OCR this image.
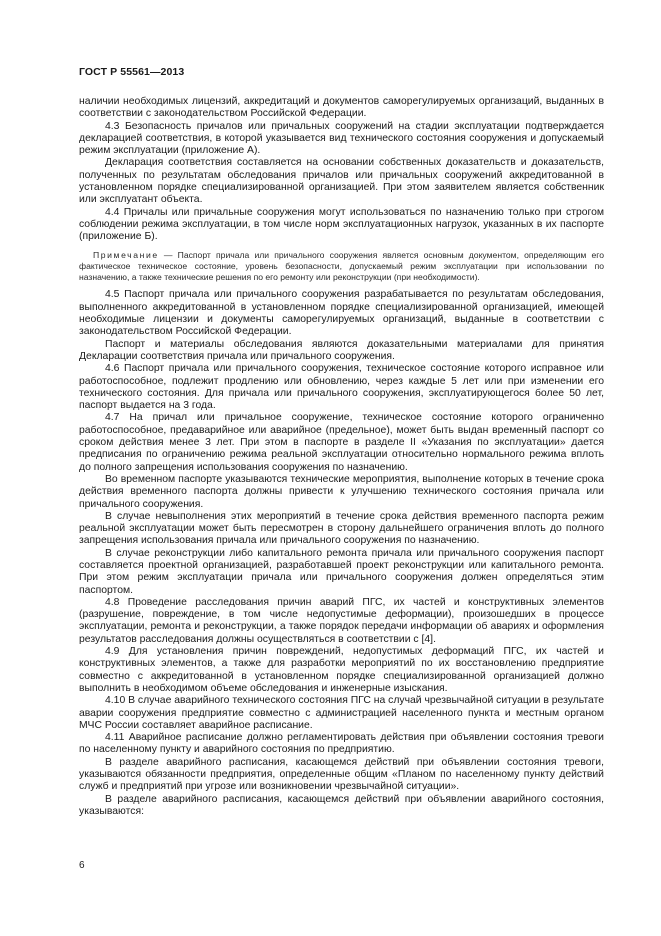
ГОСТ Р 55561—2013

наличии необходимых лицензий, аккредитаций и документов саморегулируемых организаций, выданных в соответствии с законодательством Российской Федерации.

4.3 Безопасность причалов или причальных сооружений на стадии эксплуатации подтверждается декларацией соответствия, в которой указывается вид технического состояния сооружения и допускаемый режим эксплуатации (приложение А).

Декларация соответствия составляется на основании собственных доказательств и доказательств, полученных по результатам обследования причалов или причальных сооружений аккредитованной в установленном порядке специализированной организацией. При этом заявителем является собственник или эксплуатант объекта.

4.4 Причалы или причальные сооружения могут использоваться по назначению только при строгом соблюдении режима эксплуатации, в том числе норм эксплуатационных нагрузок, указанных в их паспорте (приложение Б).

Примечание — Паспорт причала или причального сооружения является основным документом, определяющим его фактическое техническое состояние, уровень безопасности, допускаемый режим эксплуатации при использовании по назначению, а также технические решения по его ремонту или реконструкции (при необходимости).

4.5 Паспорт причала или причального сооружения разрабатывается по результатам обследования, выполненного аккредитованной в установленном порядке специализированной организацией, имеющей необходимые лицензии и документы саморегулируемых организаций, выданные в соответствии с законодательством Российской Федерации.

Паспорт и материалы обследования являются доказательными материалами для принятия Декларации соответствия причала или причального сооружения.

4.6 Паспорт причала или причального сооружения, техническое состояние которого исправное или работоспособное, подлежит продлению или обновлению, через каждые 5 лет или при изменении его технического состояния. Для причала или причального сооружения, эксплуатирующегося более 50 лет, паспорт выдается на 3 года.

4.7 На причал или причальное сооружение, техническое состояние которого ограниченно работоспособное, предаварийное или аварийное (предельное), может быть выдан временный паспорт со сроком действия менее 3 лет. При этом в паспорте в разделе II «Указания по эксплуатации» дается предписания по ограничению режима реальной эксплуатации относительно нормального режима вплоть до полного запрещения использования сооружения по назначению.

Во временном паспорте указываются технические мероприятия, выполнение которых в течение срока действия временного паспорта должны привести к улучшению технического состояния причала или причального сооружения.

В случае невыполнения этих мероприятий в течение срока действия временного паспорта режим реальной эксплуатации может быть пересмотрен в сторону дальнейшего ограничения вплоть до полного запрещения использования причала или причального сооружения по назначению.

В случае реконструкции либо капитального ремонта причала или причального сооружения паспорт составляется проектной организацией, разработавшей проект реконструкции или капитального ремонта. При этом режим эксплуатации причала или причального сооружения должен определяться этим паспортом.

4.8 Проведение расследования причин аварий ПГС, их частей и конструктивных элементов (разрушение, повреждение, в том числе недопустимые деформации), произошедших в процессе эксплуатации, ремонта и реконструкции, а также порядок передачи информации об авариях и оформления результатов расследования должны осуществляться в соответствии с [4].

4.9 Для установления причин повреждений, недопустимых деформаций ПГС, их частей и конструктивных элементов, а также для разработки мероприятий по их восстановлению предприятие совместно с аккредитованной в установленном порядке специализированной организацией должно выполнить в необходимом объеме обследования и инженерные изыскания.

4.10 В случае аварийного технического состояния ПГС на случай чрезвычайной ситуации в результате аварии сооружения предприятие совместно с администрацией населенного пункта и местным органом МЧС России составляет аварийное расписание.

4.11 Аварийное расписание должно регламентировать действия при объявлении состояния тревоги по населенному пункту и аварийного состояния по предприятию.

В разделе аварийного расписания, касающемся действий при объявлении состояния тревоги, указываются обязанности предприятия, определенные общим «Планом по населенному пункту действий служб и предприятий при угрозе или возникновении чрезвычайной ситуации».

В разделе аварийного расписания, касающемся действий при объявлении аварийного состояния, указываются:

6
